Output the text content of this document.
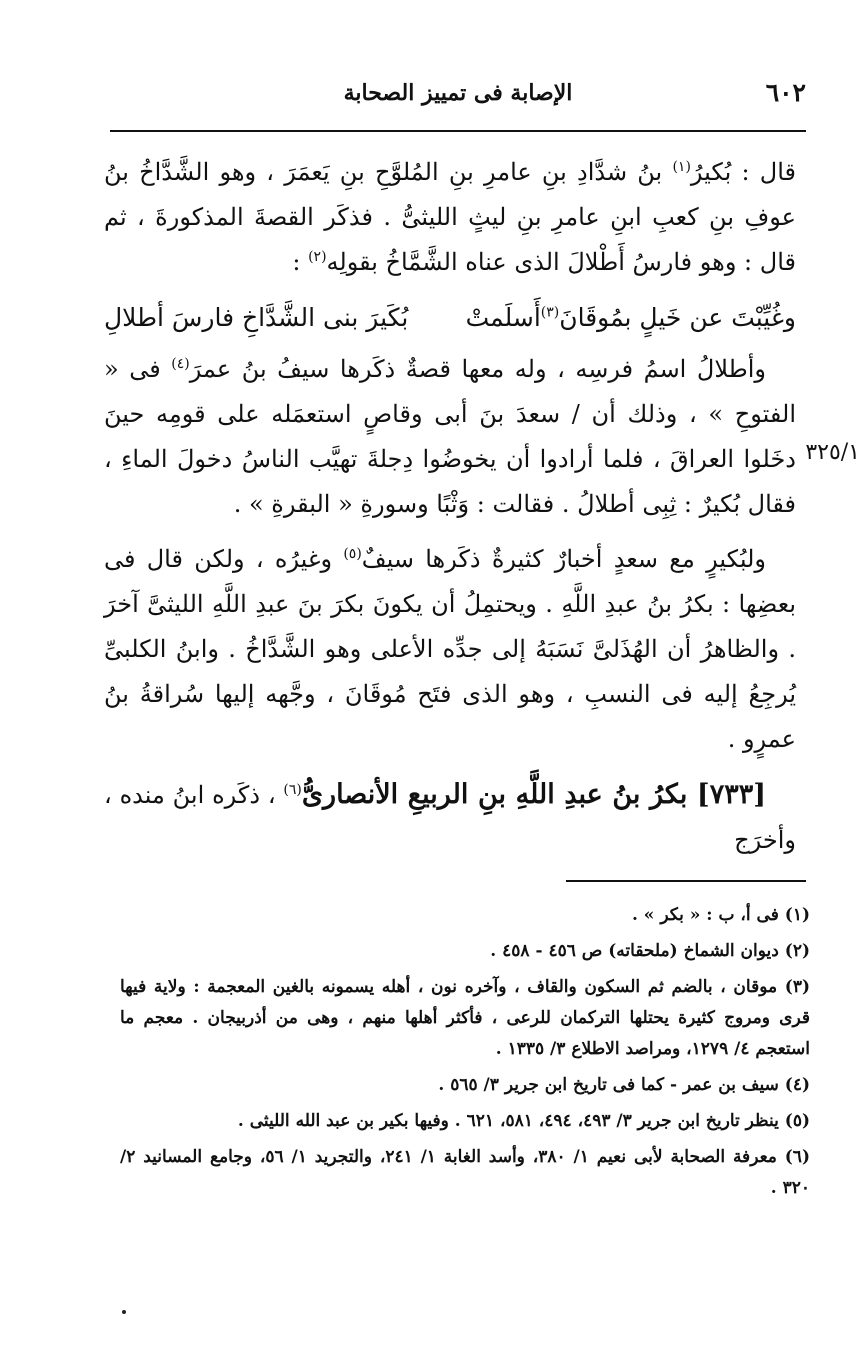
٦٠٢
الإصابة فى تمييز الصحابة
٣٢٥/١

قال : بُكيرُ$^{(١)}$ بنُ شدَّادِ بنِ عامرِ بنِ المُلوَّحِ بنِ يَعمَرَ ، وهو الشَّدَّاخُ بنُ عوفِ بنِ كعبِ ابنِ عامرِ بنِ ليثٍ الليثىُّ . فذكَر القصةَ المذكورةَ ، ثم قال : وهو فارسُ أَطْلالَ الذى عناه الشَّمَّاخُ بقولِه$^{(٢)}$ :

وغُيِّبْتَ عن خَيلٍ بمُوقَانَ$^{(٣)}$أَسلَمتْ
بُكَيرَ بنى الشَّدَّاخِ فارسَ أطلالِ

وأطلالُ اسمُ فرسِه ، وله معها قصةٌ ذكَرها سيفُ بنُ عمرَ$^{(٤)}$ فى « الفتوحِ » ، وذلك أن / سعدَ بنَ أبى وقاصٍ استعمَله على قومِه حينَ دخَلوا العراقَ ، فلما أرادوا أن يخوضُوا دِجلةَ تهيَّب الناسُ دخولَ الماءِ ، فقال بُكيرٌ : ثِبِى أطلالُ . فقالت : وَثْبًا وسورةِ « البقرةِ » .

ولبُكيرٍ مع سعدٍ أخبارٌ كثيرةٌ ذكَرها سيفٌ$^{(٥)}$ وغيرُه ، ولكن قال فى بعضِها : بكرُ بنُ عبدِ اللَّهِ . ويحتمِلُ أن يكونَ بكرَ بنَ عبدِ اللَّهِ الليثىَّ آخرَ . والظاهرُ أن الهُذَلىَّ نَسَبَهُ إلى جدِّه الأعلى وهو الشَّدَّاخُ . وابنُ الكلبىِّ يُرجِعُ إليه فى النسبِ ، وهو الذى فتَح مُوقَانَ ، وجَّهه إليها سُراقةُ بنُ عمرٍو .

[٧٣٣] بكرُ بنُ عبدِ اللَّهِ بنِ الربيعِ الأنصارىُّ$^{(٦)}$ ، ذكَره ابنُ منده ، وأخرَج

(١) فى أ، ب : « بكر » .

(٢) ديوان الشماخ (ملحقاته) ص ٤٥٦ - ٤٥٨ .

(٣) موقان ، بالضم ثم السكون والقاف ، وآخره نون ، أهله يسمونه بالغين المعجمة : ولاية فيها قرى ومروج كثيرة يحتلها التركمان للرعى ، فأكثر أهلها منهم ، وهى من أذربيجان . معجم ما استعجم ٤/ ١٢٧٩، ومراصد الاطلاع ٣/ ١٣٣٥ .

(٤) سيف بن عمر - كما فى تاريخ ابن جرير ٣/ ٥٦٥ .

(٥) ينظر تاريخ ابن جرير ٣/ ٤٩٣، ٤٩٤، ٥٨١، ٦٢١ . وفيها بكير بن عبد الله الليثى .

(٦) معرفة الصحابة لأبى نعيم ١/ ٣٨٠، وأسد الغابة ١/ ٢٤١، والتجريد ١/ ٥٦، وجامع المسانيد ٢/ ٣٢٠ .
